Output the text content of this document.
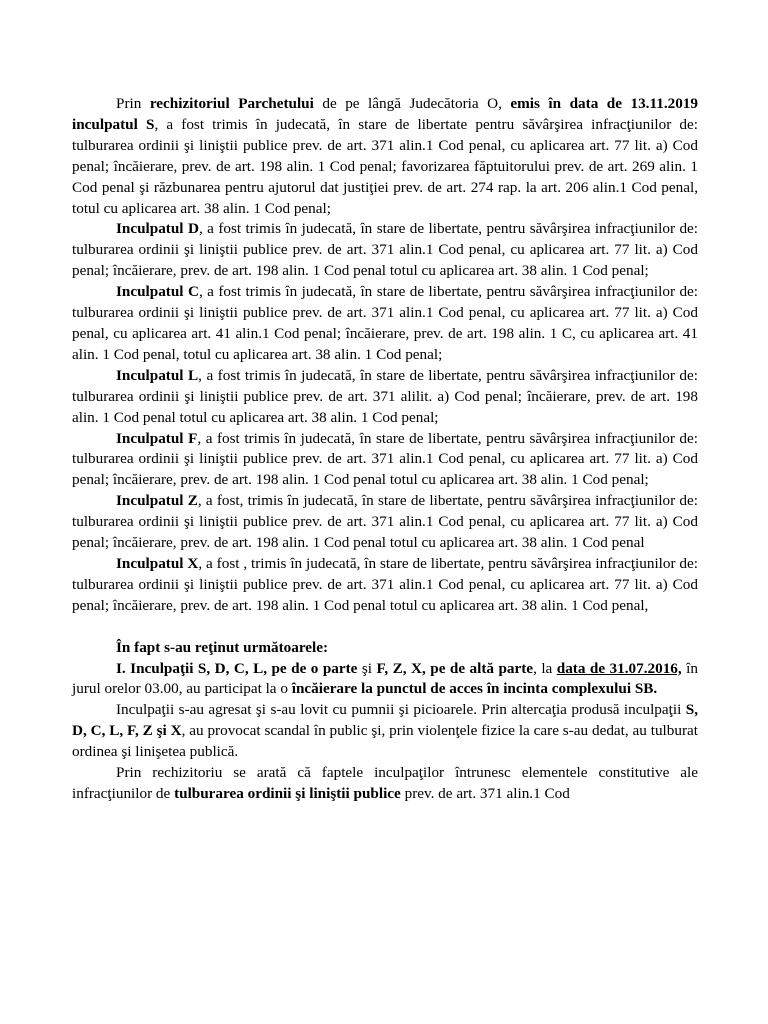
Prin rechizitoriul Parchetului de pe lângă Judecătoria O, emis în data de 13.11.2019 inculpatul S, a fost trimis în judecată, în stare de libertate pentru săvârşirea infracţiunilor de: tulburarea ordinii şi liniştii publice prev. de art. 371 alin.1 Cod penal, cu aplicarea art. 77 lit. a) Cod penal; încăierare, prev. de art. 198 alin. 1 Cod penal; favorizarea făptuitorului prev. de art. 269 alin. 1 Cod penal şi răzbunarea pentru ajutorul dat justiţiei prev. de art. 274 rap. la art. 206 alin.1 Cod penal, totul cu aplicarea art. 38 alin. 1 Cod penal;

Inculpatul D, a fost trimis în judecată, în stare de libertate, pentru săvârşirea infracţiunilor de: tulburarea ordinii şi liniştii publice prev. de art. 371 alin.1 Cod penal, cu aplicarea art. 77 lit. a) Cod penal; încăierare, prev. de art. 198 alin. 1 Cod penal totul cu aplicarea art. 38 alin. 1 Cod penal;

Inculpatul C, a fost trimis în judecată, în stare de libertate, pentru săvârşirea infracţiunilor de: tulburarea ordinii şi liniştii publice prev. de art. 371 alin.1 Cod penal, cu aplicarea art. 77 lit. a) Cod penal, cu aplicarea art. 41 alin.1 Cod penal; încăierare, prev. de art. 198 alin. 1 C, cu aplicarea art. 41 alin. 1 Cod penal, totul cu aplicarea art. 38 alin. 1 Cod penal;

Inculpatul L, a fost trimis în judecată, în stare de libertate, pentru săvârşirea infracţiunilor de: tulburarea ordinii şi liniştii publice prev. de art. 371 alilit. a) Cod penal; încăierare, prev. de art. 198 alin. 1 Cod penal totul cu aplicarea art. 38 alin. 1 Cod penal;

Inculpatul F, a fost trimis în judecată, în stare de libertate, pentru săvârşirea infracţiunilor de: tulburarea ordinii şi liniştii publice prev. de art. 371 alin.1 Cod penal, cu aplicarea art. 77 lit. a) Cod penal; încăierare, prev. de art. 198 alin. 1 Cod penal totul cu aplicarea art. 38 alin. 1 Cod penal;

Inculpatul Z, a fost, trimis în judecată, în stare de libertate, pentru săvârşirea infracţiunilor de: tulburarea ordinii şi liniştii publice prev. de art. 371 alin.1 Cod penal, cu aplicarea art. 77 lit. a) Cod penal; încăierare, prev. de art. 198 alin. 1 Cod penal totul cu aplicarea art. 38 alin. 1 Cod penal

Inculpatul X, a fost , trimis în judecată, în stare de libertate, pentru săvârşirea infracţiunilor de: tulburarea ordinii şi liniştii publice prev. de art. 371 alin.1 Cod penal, cu aplicarea art. 77 lit. a) Cod penal; încăierare, prev. de art. 198 alin. 1 Cod penal totul cu aplicarea art. 38 alin. 1 Cod penal,

În fapt s-au reţinut următoarele:

I. Inculpaţii S, D, C, L, pe de o parte şi F, Z, X, pe de altă parte, la data de 31.07.2016, în jurul orelor 03.00, au participat la o încăierare la punctul de acces în incinta complexului SB.

Inculpaţii s-au agresat şi s-au lovit cu pumnii şi picioarele. Prin altercaţia produsă inculpaţii S, D, C, L, F, Z şi X, au provocat scandal în public şi, prin violenţele fizice la care s-au dedat, au tulburat ordinea şi linişetea publică.

Prin rechizitoriu se arată că faptele inculpaţilor întrunesc elementele constitutive ale infracţiunilor de tulburarea ordinii şi liniştii publice prev. de art. 371 alin.1 Cod
